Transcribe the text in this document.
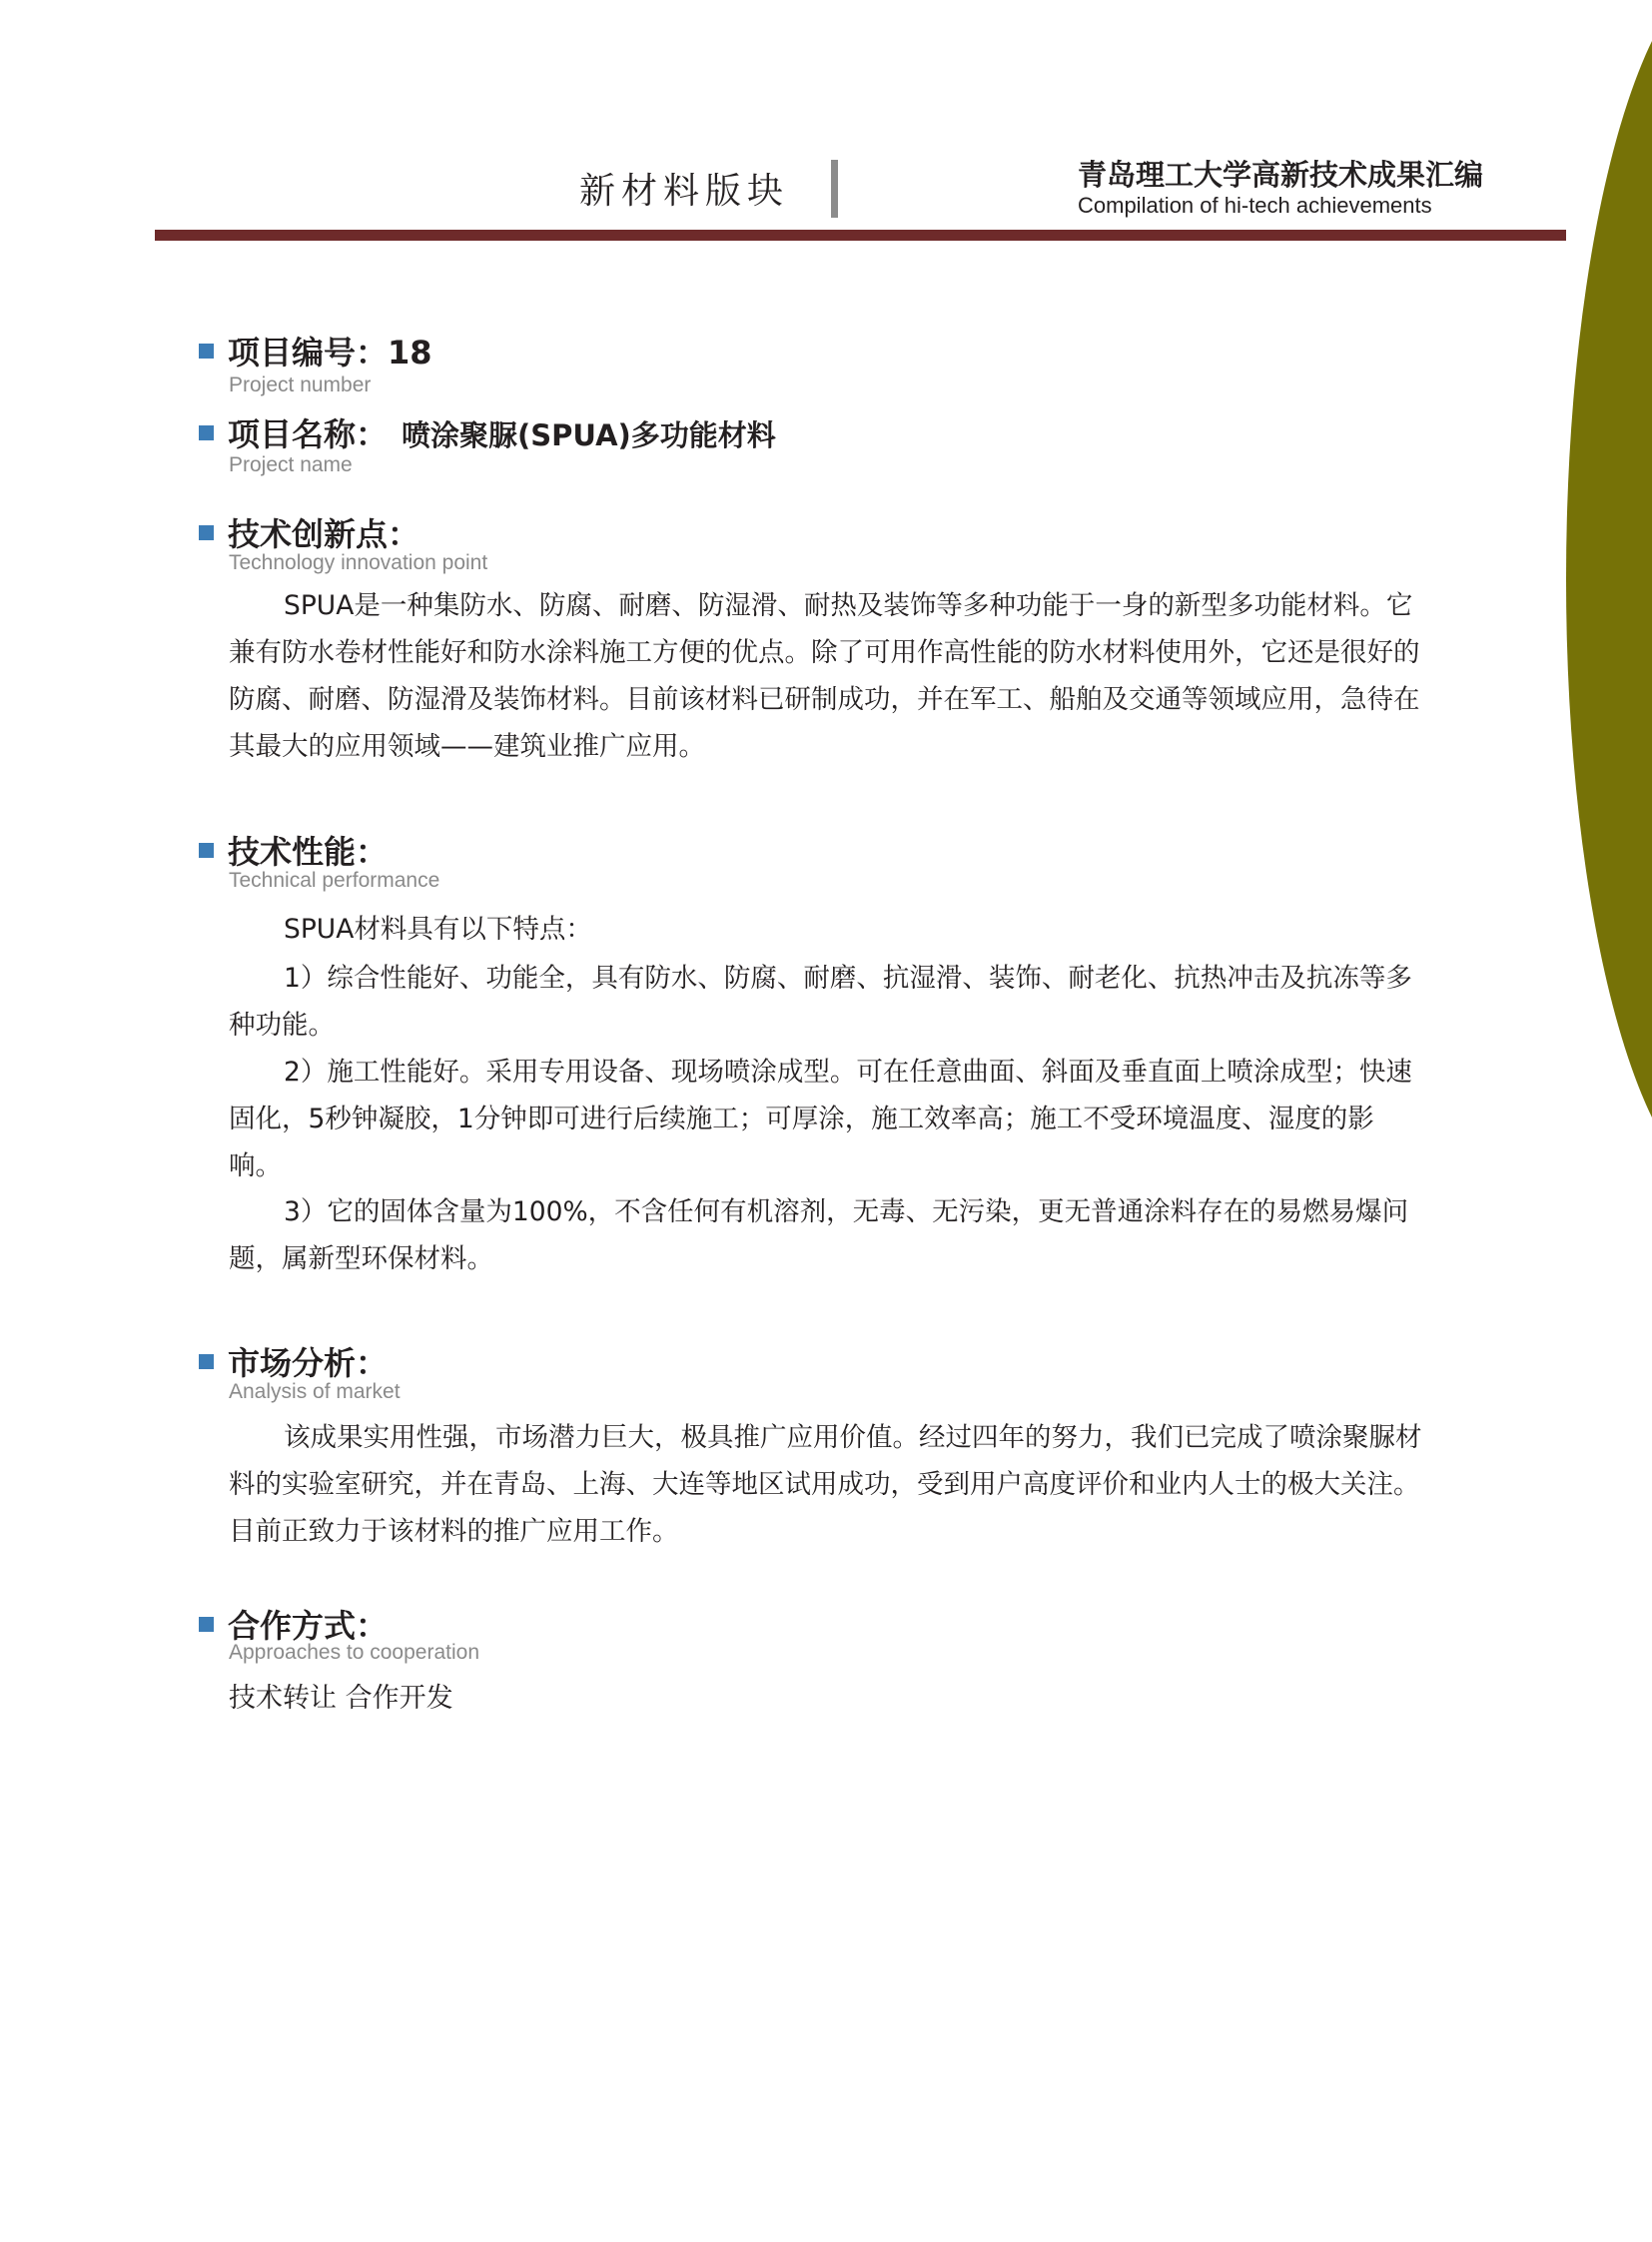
新材料版块	青岛理工大学高新技术成果汇编
Compilation of hi-tech achievements
项目编号：18
Project number
项目名称： 喷涂聚脲(SPUA)多功能材料
Project name
技术创新点：
Technology innovation point

SPUA是一种集防水、防腐、耐磨、防湿滑、耐热及装饰等多种功能于一身的新型多功能材料。它兼有防水卷材性能好和防水涂料施工方便的优点。除了可用作高性能的防水材料使用外，它还是很好的防腐、耐磨、防湿滑及装饰材料。目前该材料已研制成功，并在军工、船舶及交通等领域应用，急待在其最大的应用领域——建筑业推广应用。

技术性能：
Technical performance

SPUA材料具有以下特点：

1）综合性能好、功能全，具有防水、防腐、耐磨、抗湿滑、装饰、耐老化、抗热冲击及抗冻等多种功能。

2）施工性能好。采用专用设备、现场喷涂成型。可在任意曲面、斜面及垂直面上喷涂成型；快速固化，5秒钟凝胶，1分钟即可进行后续施工；可厚涂，施工效率高；施工不受环境温度、湿度的影响。

3）它的固体含量为100%，不含任何有机溶剂，无毒、无污染，更无普通涂料存在的易燃易爆问题，属新型环保材料。

市场分析：
Analysis of market

该成果实用性强，市场潜力巨大，极具推广应用价值。经过四年的努力，我们已完成了喷涂聚脲材料的实验室研究，并在青岛、上海、大连等地区试用成功，受到用户高度评价和业内人士的极大关注。目前正致力于该材料的推广应用工作。

合作方式：
Approaches to cooperation
技术转让 合作开发
